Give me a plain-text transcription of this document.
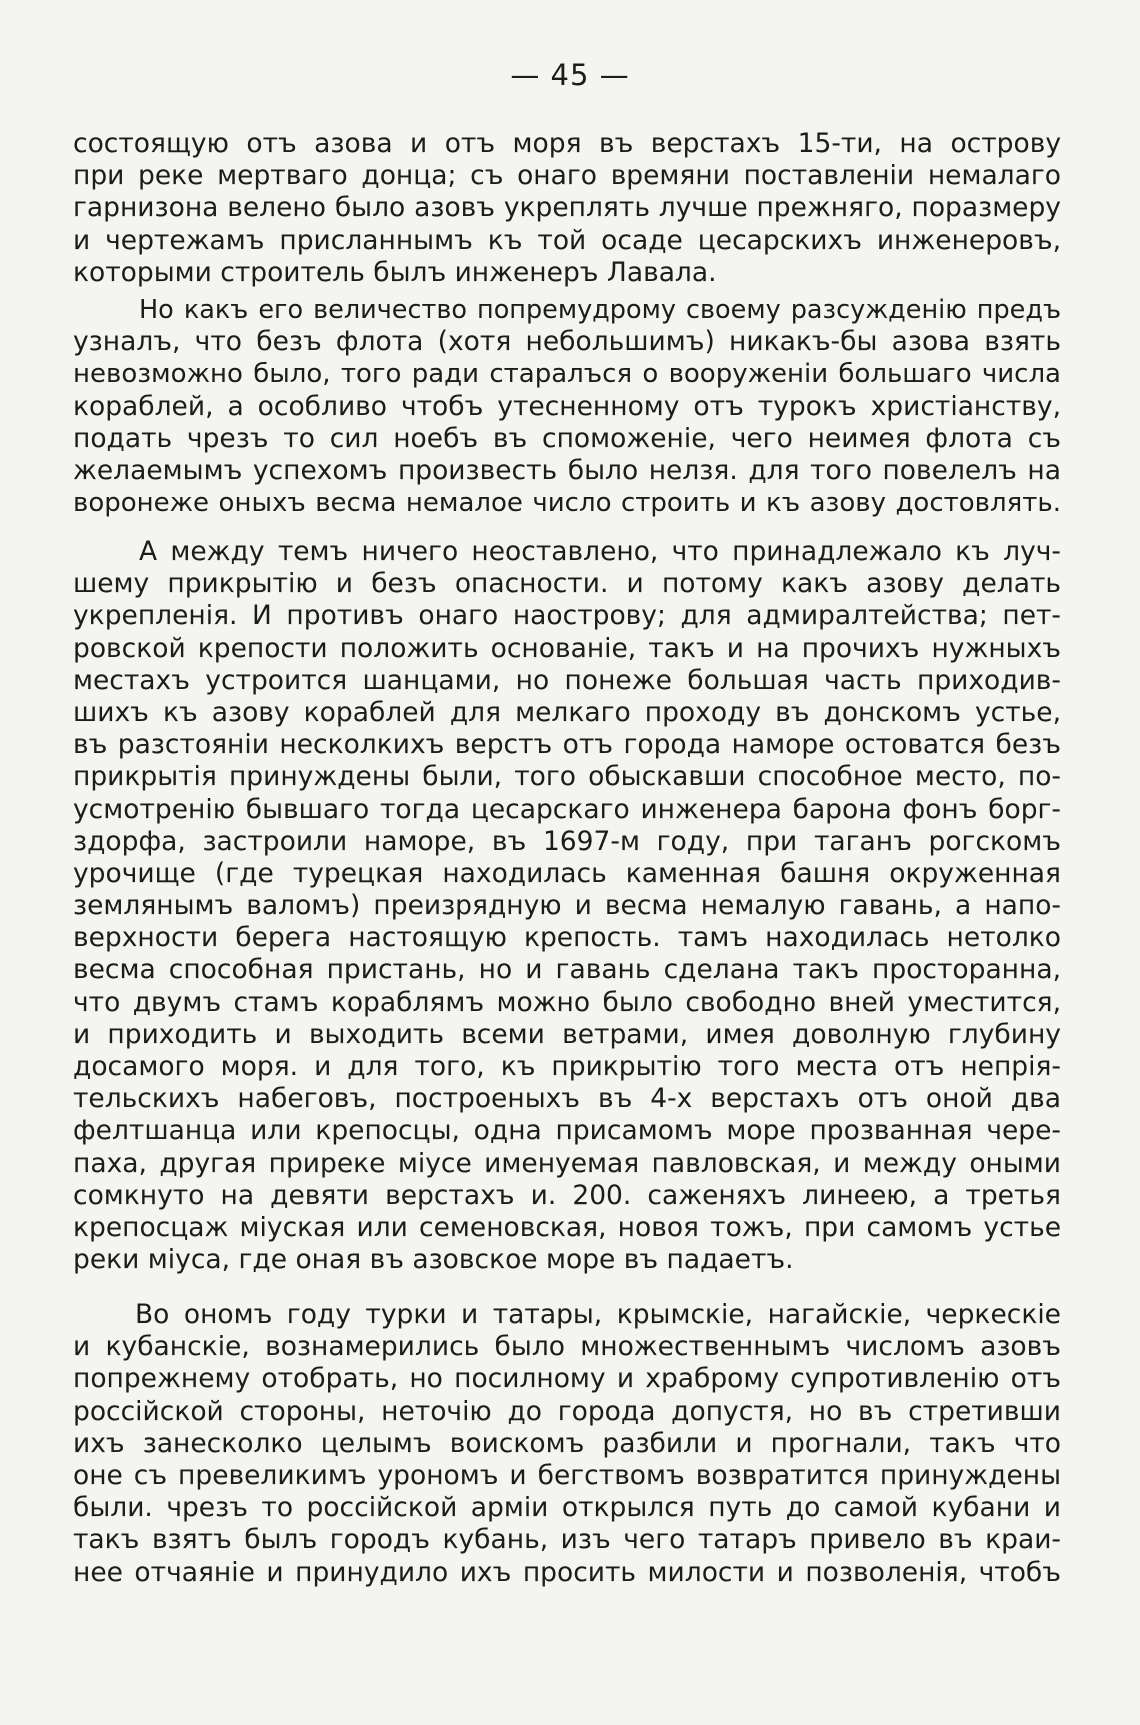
— 45 —
состоящую отъ азова и отъ моря въ верстахъ 15-ти, на острову
при реке мертваго донца; съ онаго времяни поставленіи немалаго
гарнизона велено было азовъ укреплять лучше прежняго, поразмеру
и чертежамъ присланнымъ къ той осаде цесарскихъ инженеровъ,
которыми строитель былъ инженеръ Лавала.
Но какъ его величество попремудрому своему разсужденію предъ
узналъ, что безъ флота (хотя небольшимъ) никакъ-бы азова взять
невозможно было, того ради старалъся о вооруженіи большаго числа
кораблей, а особливо чтобъ утесненному отъ турокъ христіанству,
подать чрезъ то сил ноебъ въ споможеніе, чего неимея флота съ
желаемымъ успехомъ произвесть было нелзя. для того повелелъ на
воронеже оныхъ весма немалое число строить и къ азову достовлять.
А между темъ ничего неоставлено, что принадлежало къ луч-
шему прикрытію и безъ опасности. и потому какъ азову делать
укрепленія. И противъ онаго наострову; для адмиралтейства; пет-
ровской крепости положить основаніе, такъ и на прочихъ нужныхъ
местахъ устроится шанцами, но понеже большая часть приходив-
шихъ къ азову кораблей для мелкаго проходу въ донскомъ устье,
въ разстояніи несколкихъ верстъ отъ города наморе остоватся безъ
прикрытія принуждены были, того обыскавши способное место, по-
усмотренію бывшаго тогда цесарскаго инженера барона фонъ борг-
здорфа, застроили наморе, въ 1697-м году, при таганъ рогскомъ
урочище (где турецкая находилась каменная башня окруженная
землянымъ валомъ) преизрядную и весма немалую гавань, а напо-
верхности берега настоящую крепость. тамъ находилась нетолко
весма способная пристань, но и гавань сделана такъ просторанна,
что двумъ стамъ кораблямъ можно было свободно вней уместится,
и приходить и выходить всеми ветрами, имея доволную глубину
досамого моря. и для того, къ прикрытію того места отъ непрія-
тельскихъ набеговъ, построеныхъ въ 4-х верстахъ отъ оной два
фелтшанца или крепосцы, одна присамомъ море прозванная чере-
паха, другая прирeке міусе именуемая павловская, и между оными
сомкнуто на девяти верстахъ и. 200. саженяхъ линеею, а третья
крепосцаж міуская или семеновская, новоя тожъ, при самомъ устье
реки міуса, где оная въ азовское море въ падаетъ.
Во ономъ году турки и татары, крымскіе, нагайскіе, черкескіе
и кубанскіе, вознамерились было множественнымъ числомъ азовъ
попрежнему отобрать, но посилному и храброму супротивленію отъ
россійской стороны, неточію до города допустя, но въ стретивши
ихъ занесколко целымъ воискомъ разбили и прогнали, такъ что
оне съ превеликимъ урономъ и бегствомъ возвратится принуждены
были. чрезъ то россійской арміи открылся путь до самой кубани и
такъ взятъ былъ городъ кубань, изъ чего татаръ привело въ краи-
нее отчаяніе и принудило ихъ просить милости и позволенія, чтобъ
